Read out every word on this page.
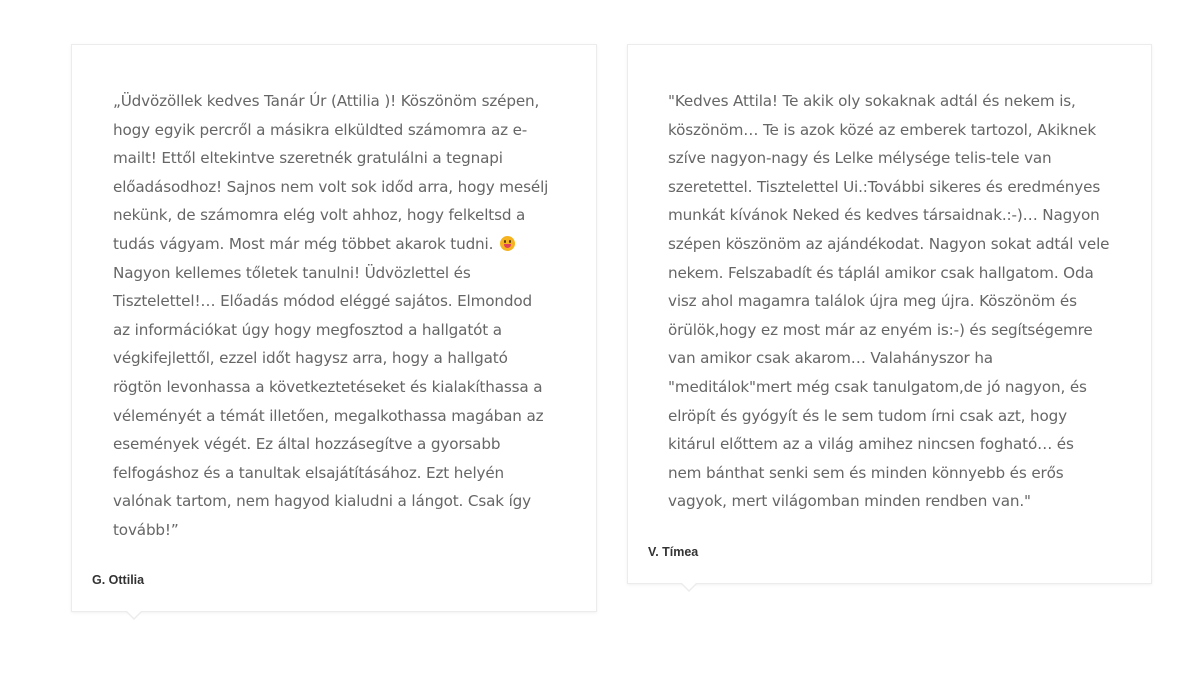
„Üdvözöllek kedves Tanár Úr (Attilia )! Köszönöm szépen, hogy egyik percről a másikra elküldted számomra az e-mailt! Ettől eltekintve szeretnék gratulálni a tegnapi előadásodhoz! Sajnos nem volt sok időd arra, hogy mesélj nekünk, de számomra elég volt ahhoz, hogy felkeltsd a tudás vágyam. Most már még többet akarok tudni.  Nagyon kellemes tőletek tanulni! Üdvözlettel és Tisztelettel!… Előadás módod eléggé sajátos. Elmondod az információkat úgy hogy megfosztod a hallgatót a végkifejlettől, ezzel időt hagysz arra, hogy a hallgató rögtön levonhassa a következtetéseket és kialakíthassa a véleményét a témát illetően, megalkothassa magában az események végét. Ez által hozzásegítve a gyorsabb felfogáshoz és a tanultak elsajátításához. Ezt helyén valónak tartom, nem hagyod kialudni a lángot. Csak így tovább!”

G. Ottilia

"Kedves Attila! Te akik oly sokaknak adtál és nekem is, köszönöm… Te is azok közé az emberek tartozol, Akiknek szíve nagyon-nagy és Lelke mélysége telis-tele van szeretettel. Tisztelettel Ui.:További sikeres és eredményes munkát kívánok Neked és kedves társaidnak.:-)… Nagyon szépen köszönöm az ajándékodat. Nagyon sokat adtál vele nekem. Felszabadít és táplál amikor csak hallgatom. Oda visz ahol magamra találok újra meg újra. Köszönöm és örülök,hogy ez most már az enyém is:-) és segítségemre van amikor csak akarom… Valahányszor ha "meditálok"mert még csak tanulgatom,de jó nagyon, és elröpít és gyógyít és le sem tudom írni csak azt, hogy kitárul előttem az a világ amihez nincsen fogható… és nem bánthat senki sem és minden könnyebb és erős vagyok, mert világomban minden rendben van."

V. Tímea
